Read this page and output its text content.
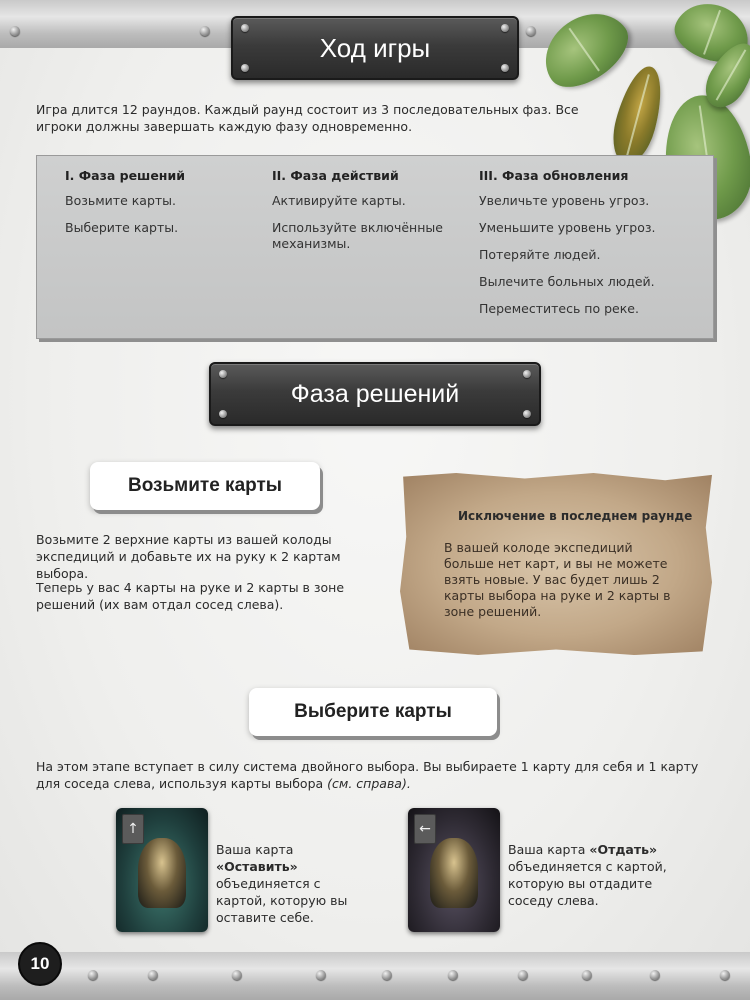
Ход игры
Игра длится 12 раундов. Каждый раунд состоит из 3 последовательных фаз. Все игроки должны завершать каждую фазу одновременно.
I. Фаза решений
Возьмите карты.
Выберите карты.
II. Фаза действий
Активируйте карты.
Используйте включённые механизмы.
III. Фаза обновления
Увеличьте уровень угроз.
Уменьшите уровень угроз.
Потеряйте людей.
Вылечите больных людей.
Переместитесь по реке.
Фаза решений
Возьмите карты
Возьмите 2 верхние карты из вашей колоды экспедиций и добавьте их на руку к 2 картам выбора.
Теперь у вас 4 карты на руке и 2 карты в зоне решений (их вам отдал сосед слева).
Исключение в последнем раунде
В вашей колоде экспедиций больше нет карт, и вы не можете взять новые. У вас будет лишь 2 карты выбора на руке и 2 карты в зоне решений.
Выберите карты
На этом этапе вступает в силу система двойного выбора. Вы выбираете 1 карту для себя и 1 карту для соседа слева, используя карты выбора (см. справа).
↑
Ваша карта «Оставить» объединяется с картой, которую вы оставите себе.
←
Ваша карта «Отдать» объединяется с картой, которую вы отдадите соседу слева.
10
